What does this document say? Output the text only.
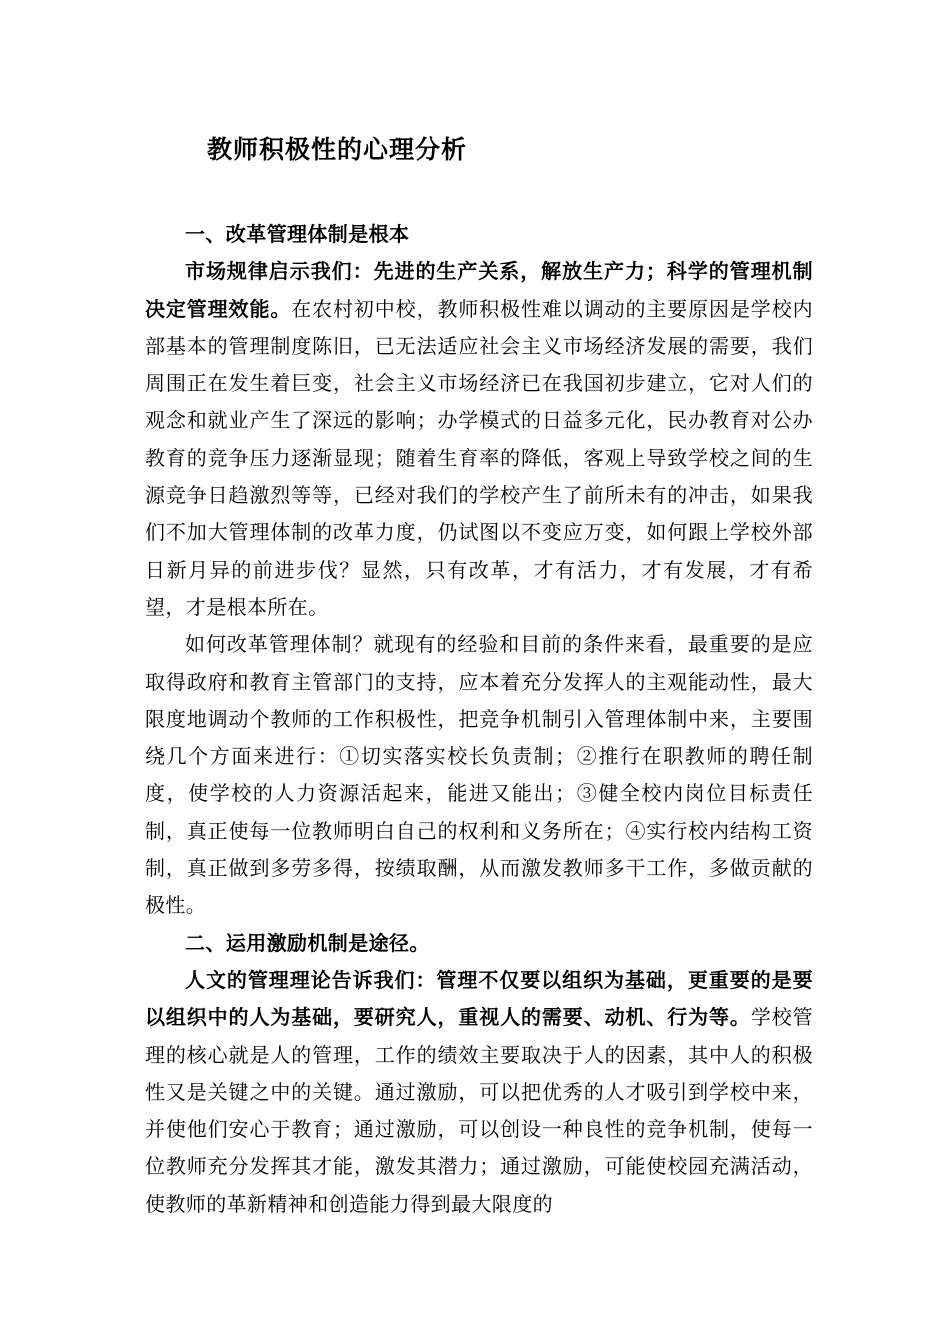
教师积极性的心理分析

一、改革管理体制是根本

市场规律启示我们：先进的生产关系，解放生产力；科学的管理机制决定管理效能。在农村初中校，教师积极性难以调动的主要原因是学校内部基本的管理制度陈旧，已无法适应社会主义市场经济发展的需要，我们周围正在发生着巨变，社会主义市场经济已在我国初步建立，它对人们的观念和就业产生了深远的影响；办学模式的日益多元化，民办教育对公办教育的竞争压力逐渐显现；随着生育率的降低，客观上导致学校之间的生源竞争日趋激烈等等，已经对我们的学校产生了前所未有的冲击，如果我们不加大管理体制的改革力度，仍试图以不变应万变，如何跟上学校外部日新月异的前进步伐？显然，只有改革，才有活力，才有发展，才有希望，才是根本所在。

如何改革管理体制？就现有的经验和目前的条件来看，最重要的是应取得政府和教育主管部门的支持，应本着充分发挥人的主观能动性，最大限度地调动个教师的工作积极性，把竞争机制引入管理体制中来，主要围绕几个方面来进行：①切实落实校长负责制；②推行在职教师的聘任制度，使学校的人力资源活起来，能进又能出；③健全校内岗位目标责任制，真正使每一位教师明白自己的权利和义务所在；④实行校内结构工资制，真正做到多劳多得，按绩取酬，从而激发教师多干工作，多做贡献的极性。

二、运用激励机制是途径。

人文的管理理论告诉我们：管理不仅要以组织为基础，更重要的是要以组织中的人为基础，要研究人，重视人的需要、动机、行为等。学校管理的核心就是人的管理，工作的绩效主要取决于人的因素，其中人的积极性又是关键之中的关键。通过激励，可以把优秀的人才吸引到学校中来，并使他们安心于教育；通过激励，可以创设一种良性的竞争机制，使每一位教师充分发挥其才能，激发其潜力；通过激励，可能使校园充满活动，使教师的革新精神和创造能力得到最大限度的
